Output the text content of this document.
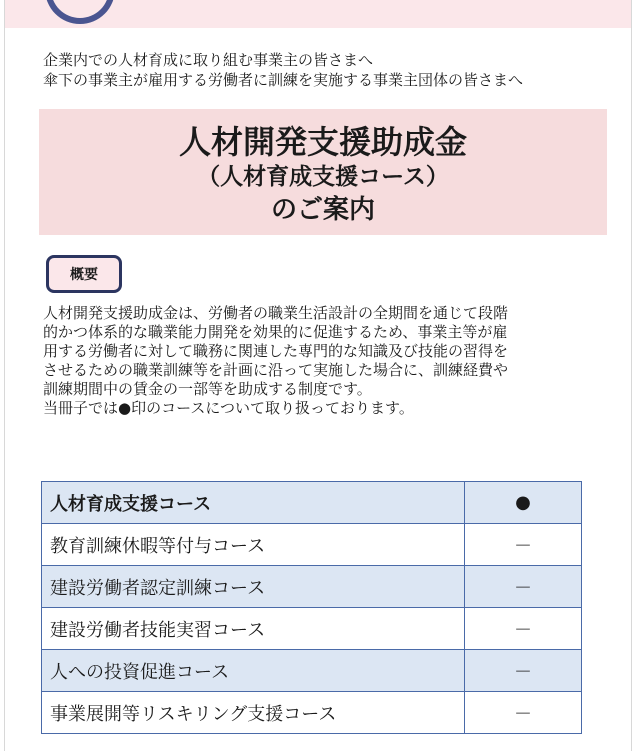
企業内での人材育成に取り組む事業主の皆さまへ
傘下の事業主が雇用する労働者に訓練を実施する事業主団体の皆さまへ
人材開発支援助成金
（人材育成支援コース）
のご案内
概要
人材開発支援助成金は、労働者の職業生活設計の全期間を通じて段階
的かつ体系的な職業能力開発を効果的に促進するため、事業主等が雇
用する労働者に対して職務に関連した専門的な知識及び技能の習得を
させるための職業訓練等を計画に沿って実施した場合に、訓練経費や
訓練期間中の賃金の一部等を助成する制度です。
当冊子では●印のコースについて取り扱っております。
人材育成支援コース	●
教育訓練休暇等付与コース	－
建設労働者認定訓練コース	－
建設労働者技能実習コース	－
人への投資促進コース	－
事業展開等リスキリング支援コース	－
